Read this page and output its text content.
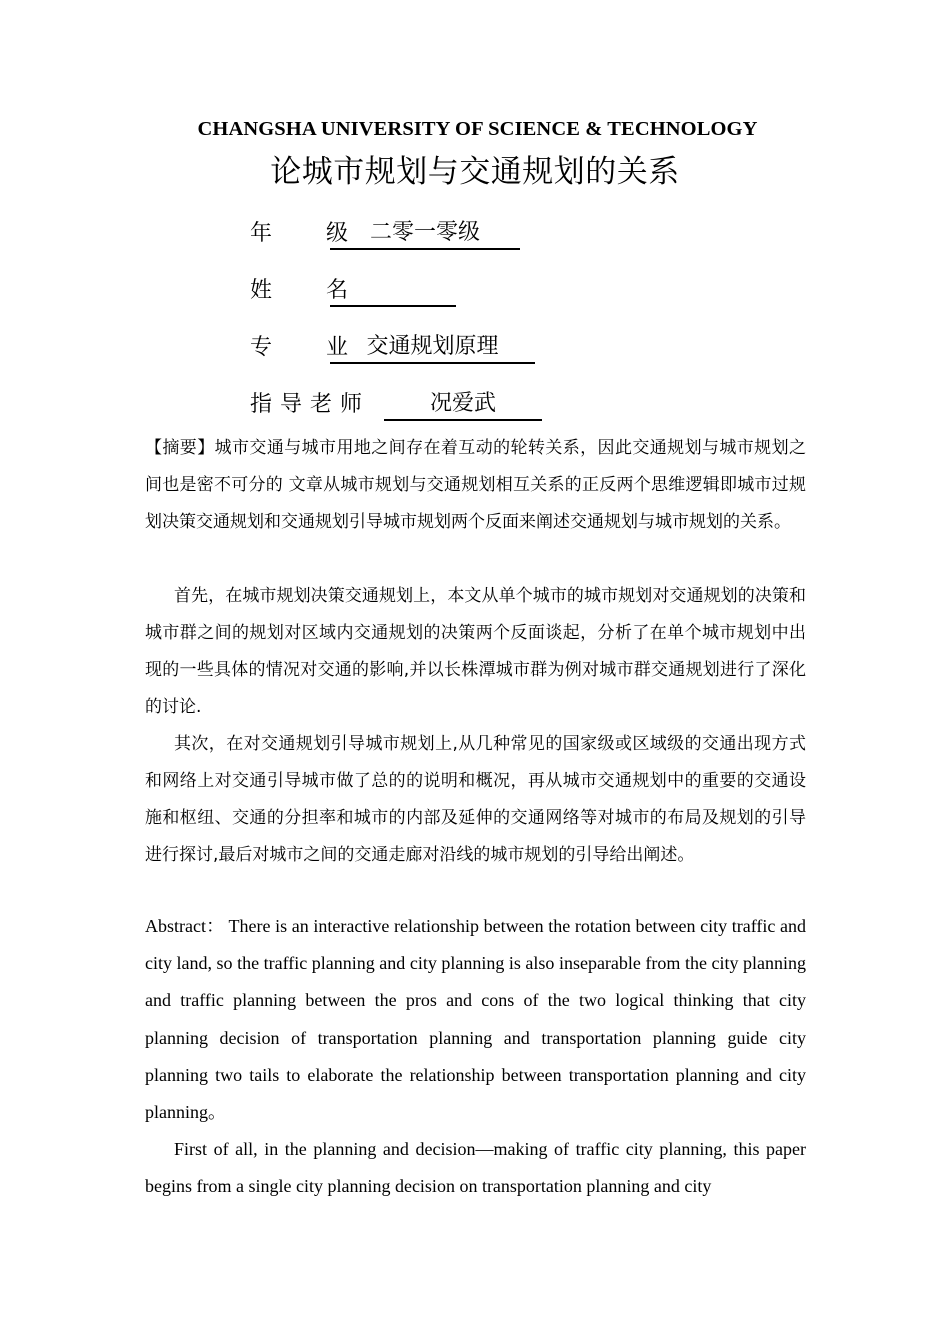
CHANGSHA UNIVERSITY OF SCIENCE & TECHNOLOGY
论城市规划与交通规划的关系
年级二零一零级
姓名
专业交通规划原理
指导老师	况爱武
【摘要】城市交通与城市用地之间存在着互动的轮转关系，因此交通规划与城市规划之间也是密不可分的 文章从城市规划与交通规划相互关系的正反两个思维逻辑即城市过规划决策交通规划和交通规划引导城市规划两个反面来阐述交通规划与城市规划的关系。
首先，在城市规划决策交通规划上，本文从单个城市的城市规划对交通规划的决策和城市群之间的规划对区域内交通规划的决策两个反面谈起，分析了在单个城市规划中出现的一些具体的情况对交通的影响,并以长株潭城市群为例对城市群交通规划进行了深化的讨论.
其次，在对交通规划引导城市规划上,从几种常见的国家级或区域级的交通出现方式和网络上对交通引导城市做了总的的说明和概况，再从城市交通规划中的重要的交通设施和枢纽、交通的分担率和城市的内部及延伸的交通网络等对城市的布局及规划的引导进行探讨,最后对城市之间的交通走廊对沿线的城市规划的引导给出阐述。
Abstract： There is an interactive relationship between the rotation between city traffic and city land, so the traffic planning and city planning is also inseparable from the city planning and traffic planning between the pros and cons of the two logical thinking that city planning decision of transportation planning and transportation planning guide city planning two tails to elaborate the relationship between transportation planning and city planning。
First of all, in the planning and decision—making of traffic city planning, this paper begins from a single city planning decision on transportation planning and city
